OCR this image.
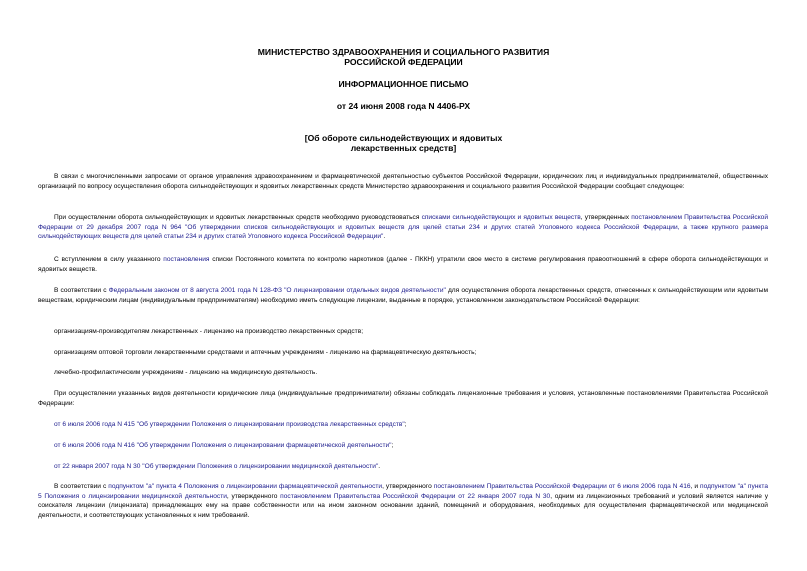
МИНИСТЕРСТВО ЗДРАВООХРАНЕНИЯ И СОЦИАЛЬНОГО РАЗВИТИЯ
РОССИЙСКОЙ ФЕДЕРАЦИИ
ИНФОРМАЦИОННОЕ ПИСЬМО
от 24 июня 2008 года N 4406-РХ
[Об обороте сильнодействующих и ядовитых
лекарственных средств]

В связи с многочисленными запросами от органов управления здравоохранением и фармацевтической деятельностью субъектов Российской Федерации, юридических лиц и индивидуальных предпринимателей, общественных организаций по вопросу осуществления оборота сильнодействующих и ядовитых лекарственных средств Министерство здравоохранения и социального развития Российской Федерации сообщает следующее:

При осуществлении оборота сильнодействующих и ядовитых лекарственных средств необходимо руководствоваться списками сильнодействующих и ядовитых веществ, утвержденных постановлением Правительства Российской Федерации от 29 декабря 2007 года N 964 "Об утверждении списков сильнодействующих и ядовитых веществ для целей статьи 234 и других статей Уголовного кодекса Российской Федерации, а также крупного размера сильнодействующих веществ для целей статьи 234 и других статей Уголовного кодекса Российской Федерации".

С вступлением в силу указанного постановления списки Постоянного комитета по контролю наркотиков (далее - ПККН) утратили свое место в системе регулирования правоотношений в сфере оборота сильнодействующих и ядовитых веществ.

В соответствии с Федеральным законом от 8 августа 2001 года N 128-ФЗ "О лицензировании отдельных видов деятельности" для осуществления оборота лекарственных средств, отнесенных к сильнодействующим или ядовитым веществам, юридическим лицам (индивидуальным предпринимателям) необходимо иметь следующие лицензии, выданные в порядке, установленном законодательством Российской Федерации:

организациям-производителям лекарственных - лицензию на производство лекарственных средств;

организациям оптовой торговли лекарственными средствами и аптечным учреждениям - лицензию на фармацевтическую деятельность;

лечебно-профилактическим учреждениям - лицензию на медицинскую деятельность.

При осуществлении указанных видов деятельности юридические лица (индивидуальные предприниматели) обязаны соблюдать лицензионные требования и условия, установленные постановлениями Правительства Российской Федерации:

от 6 июля 2006 года N 415 "Об утверждении Положения о лицензировании производства лекарственных средств";

от 6 июля 2006 года N 416 "Об утверждении Положения о лицензировании фармацевтической деятельности";

от 22 января 2007 года N 30 "Об утверждении Положения о лицензировании медицинской деятельности".

В соответствии с подпунктом "а" пункта 4 Положения о лицензировании фармацевтической деятельности, утвержденного постановлением Правительства Российской Федерации от 6 июля 2006 года N 416, и подпунктом "а" пункта 5 Положения о лицензировании медицинской деятельности, утвержденного постановлением Правительства Российской Федерации от 22 января 2007 года N 30, одним из лицензионных требований и условий является наличие у соискателя лицензии (лицензиата) принадлежащих ему на праве собственности или на ином законном основании зданий, помещений и оборудования, необходимых для осуществления фармацевтической или медицинской деятельности, и соответствующих установленных к ним требований.
